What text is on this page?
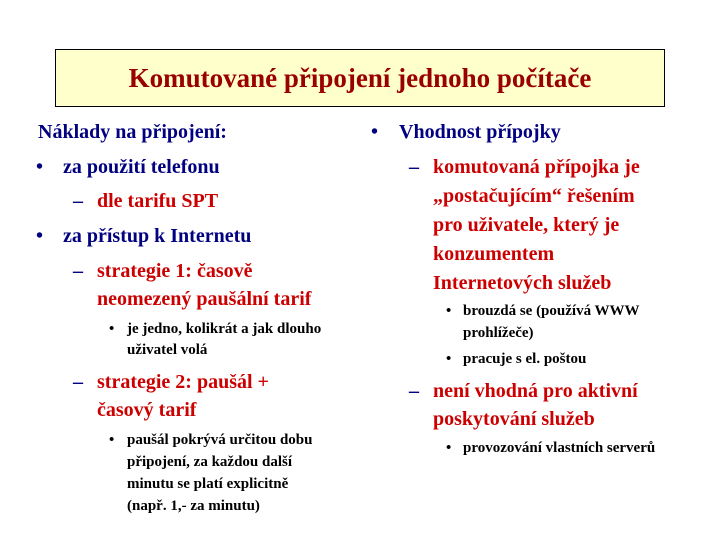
Komutované připojení jednoho počítače
Náklady na připojení:
• za použití telefonu
– dle tarifu SPT
• za přístup k Internetu
– strategie 1: časově
neomezený paušální tarif
• je jedno, kolikrát a jak dlouho
uživatel volá
– strategie 2: paušál +
časový tarif
• paušál pokrývá určitou dobu
připojení, za každou další
minutu se platí explicitně
(např. 1,- za minutu)
• Vhodnost přípojky
– komutovaná přípojka je
„postačujícím“ řešením
pro uživatele, který je
konzumentem
Internetových služeb
• brouzdá se (používá WWW
prohlížeče)
• pracuje s el. poštou
– není vhodná pro aktivní
poskytování služeb
• provozování vlastních serverů
